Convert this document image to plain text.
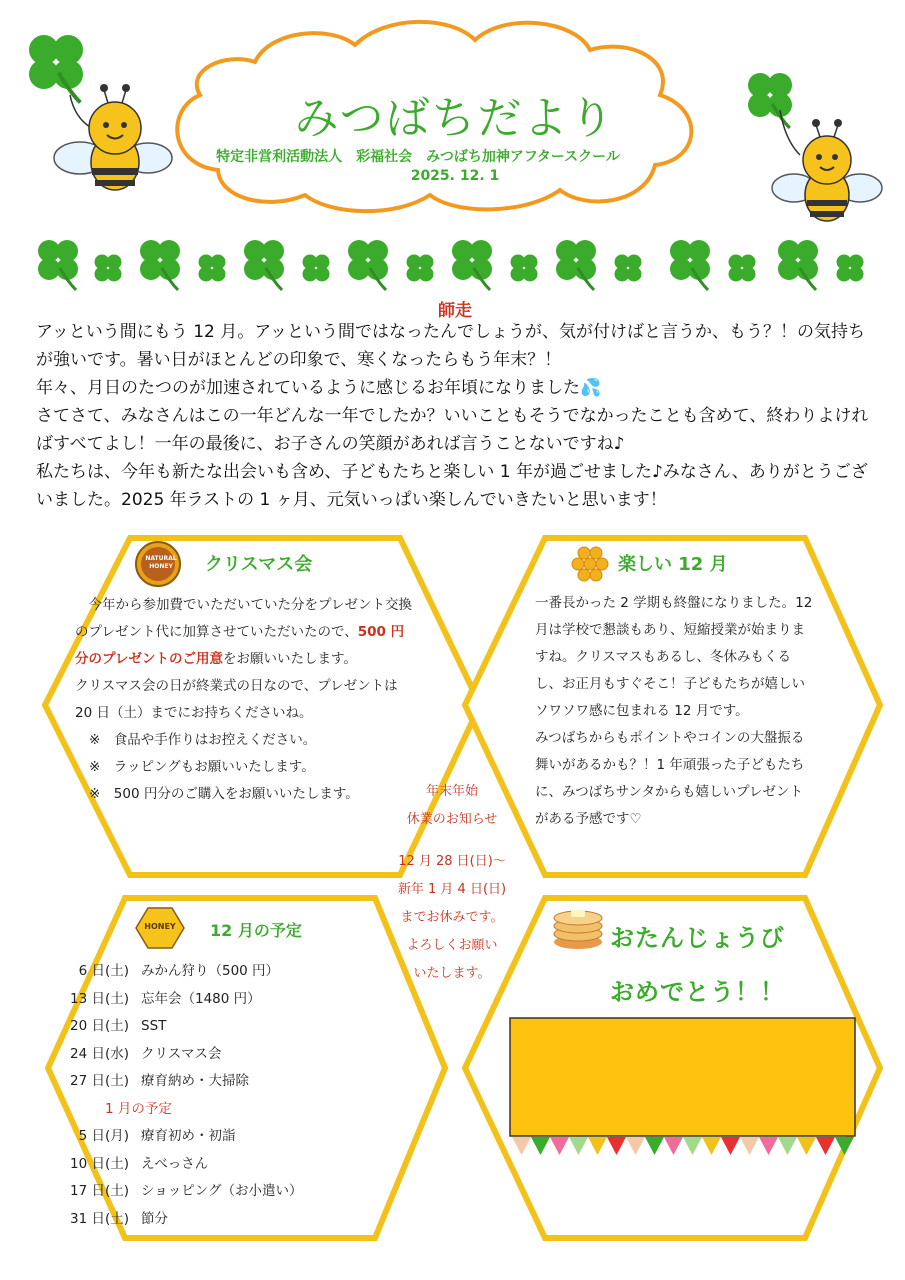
みつばちだより
特定非営利活動法人　彩福社会　みつばち加神アフタースクール
2025. 12. 1
師走

アッという間にもう 12 月。アッという間ではなったんでしょうが、気が付けばと言うか、もう？！の気持ちが強いです。暑い日がほとんどの印象で、寒くなったらもう年末？！

年々、月日のたつのが加速されているように感じるお年頃になりました💦

さてさて、みなさんはこの一年どんな一年でしたか？いいこともそうでなかったことも含めて、終わりよければすべてよし！一年の最後に、お子さんの笑顔があれば言うことないですね♪

私たちは、今年も新たな出会いも含め、子どもたちと楽しい 1 年が過ごせました♪みなさん、ありがとうございました。2025 年ラストの 1 ヶ月、元気いっぱい楽しんでいきたいと思います！

NATURAL
HONEY	クリスマス会
　今年から参加費でいただいていた分をプレゼント交換のプレゼント代に加算させていただいたので、500 円分のプレゼントのご用意をお願いいたします。
クリスマス会の日が終業式の日なので、プレゼントは 20 日（土）までにお持ちくださいね。
※　食品や手作りはお控えください。
※　ラッピングもお願いいたします。
※　500 円分のご購入をお願いいたします。
楽しい 12 月
一番長かった 2 学期も終盤になりました。12 月は学校で懇談もあり、短縮授業が始まりますね。クリスマスもあるし、冬休みもくるし、お正月もすぐそこ！子どもたちが嬉しいソワソワ感に包まれる 12 月です。
みつばちからもポイントやコインの大盤振る舞いがあるかも？！1 年頑張った子どもたちに、みつばちサンタからも嬉しいプレゼントがある予感です♡
年末年始
休業のお知らせ
12 月 28 日(日)～
新年 1 月 4 日(日)
までお休みです。
よろしくお願い
いたします。
HONEY	12 月の予定
6 日(土) みかん狩り（500 円）
13 日(土) 忘年会（1480 円）
20 日(土) SST
24 日(水) クリスマス会
27 日(土) 療育納め・大掃除
1 月の予定
5 日(月) 療育初め・初詣
10 日(土) えべっさん
17 日(土) ショッピング（お小遣い）
31 日(土) 節分
おたんじょうび
おめでとう！！
